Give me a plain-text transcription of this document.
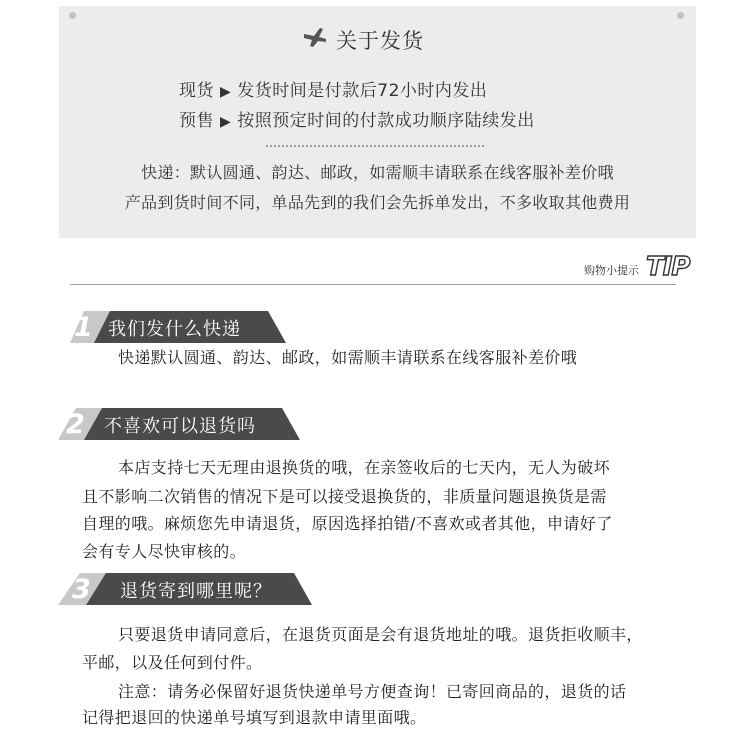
关于发货
现货 ▶ 发货时间是付款后72小时内发出
预售 ▶ 按照预定时间的付款成功顺序陆续发出
快递：默认圆通、韵达、邮政，如需顺丰请联系在线客服补差价哦
产品到货时间不同，单品先到的我们会先拆单发出，不多收取其他费用
购物小提示 TIP
1 我们发什么快递
快递默认圆通、韵达、邮政，如需顺丰请联系在线客服补差价哦
2 不喜欢可以退货吗
本店支持七天无理由退换货的哦，在亲签收后的七天内，无人为破坏
且不影响二次销售的情况下是可以接受退换货的，非质量问题退换货是需
自理的哦。麻烦您先申请退货，原因选择拍错/不喜欢或者其他，申请好了
会有专人尽快审核的。
3 退货寄到哪里呢？
只要退货申请同意后，在退货页面是会有退货地址的哦。退货拒收顺丰，
平邮，以及任何到付件。
注意：请务必保留好退货快递单号方便查询！已寄回商品的，退货的话
记得把退回的快递单号填写到退款申请里面哦。
